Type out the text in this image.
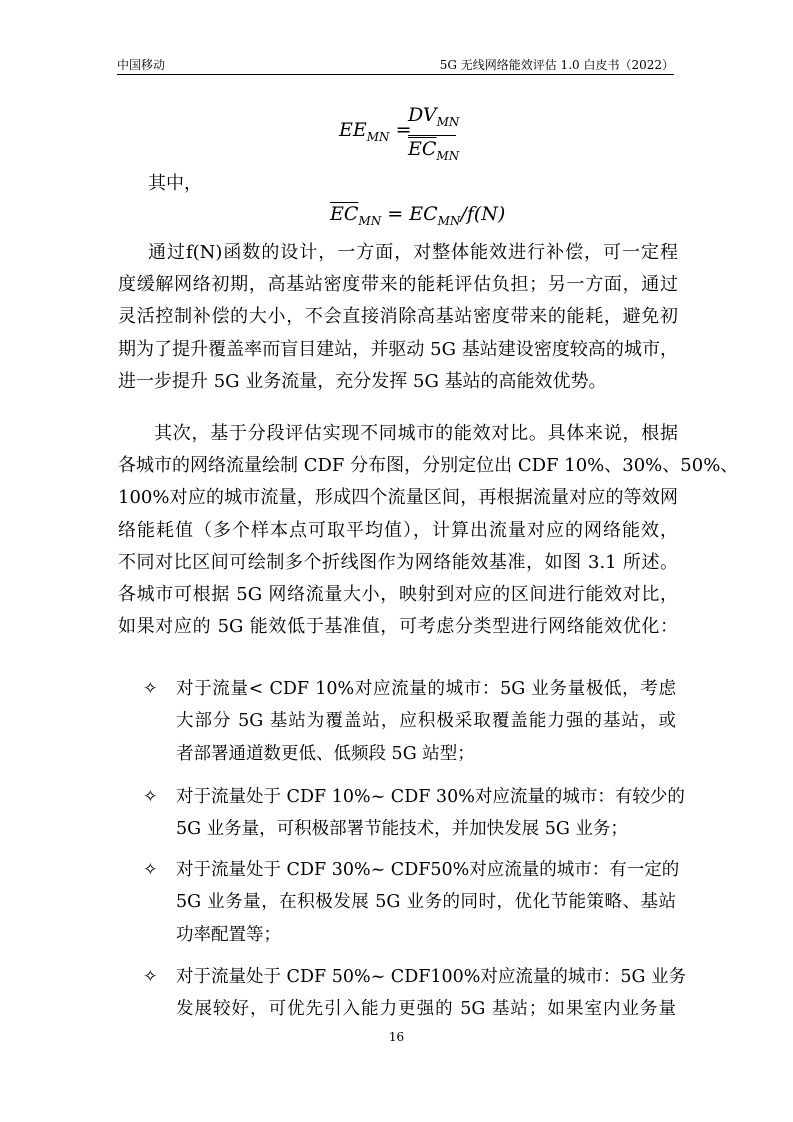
中国移动	5G 无线网络能效评估 1.0 白皮书（2022）
$EE_{MN}$ =
$DV_{MN}$
$\overline{EC}_{MN}$
其中，
$\overline{EC}_{MN} = EC_{MN}/f(N)$
通过f(N)函数的设计，一方面，对整体能效进行补偿，可一定程
度缓解网络初期，高基站密度带来的能耗评估负担；另一方面，通过
灵活控制补偿的大小，不会直接消除高基站密度带来的能耗，避免初
期为了提升覆盖率而盲目建站，并驱动 5G 基站建设密度较高的城市，
进一步提升 5G 业务流量，充分发挥 5G 基站的高能效优势。
其次，基于分段评估实现不同城市的能效对比。具体来说，根据
各城市的网络流量绘制 CDF 分布图，分别定位出 CDF 10%、30%、50%、
100%对应的城市流量，形成四个流量区间，再根据流量对应的等效网
络能耗值（多个样本点可取平均值），计算出流量对应的网络能效，
不同对比区间可绘制多个折线图作为网络能效基准，如图 3.1 所述。
各城市可根据 5G 网络流量大小，映射到对应的区间进行能效对比，
如果对应的 5G 能效低于基准值，可考虑分类型进行网络能效优化：
✧	对于流量< CDF 10%对应流量的城市：5G 业务量极低，考虑
大部分 5G 基站为覆盖站，应积极采取覆盖能力强的基站，或
者部署通道数更低、低频段 5G 站型；
✧	对于流量处于 CDF 10%~ CDF 30%对应流量的城市：有较少的
5G 业务量，可积极部署节能技术，并加快发展 5G 业务；
✧	对于流量处于 CDF 30%~ CDF50%对应流量的城市：有一定的
5G 业务量，在积极发展 5G 业务的同时，优化节能策略、基站
功率配置等；
✧	对于流量处于 CDF 50%~ CDF100%对应流量的城市：5G 业务
发展较好，可优先引入能力更强的 5G 基站；如果室内业务量
16
